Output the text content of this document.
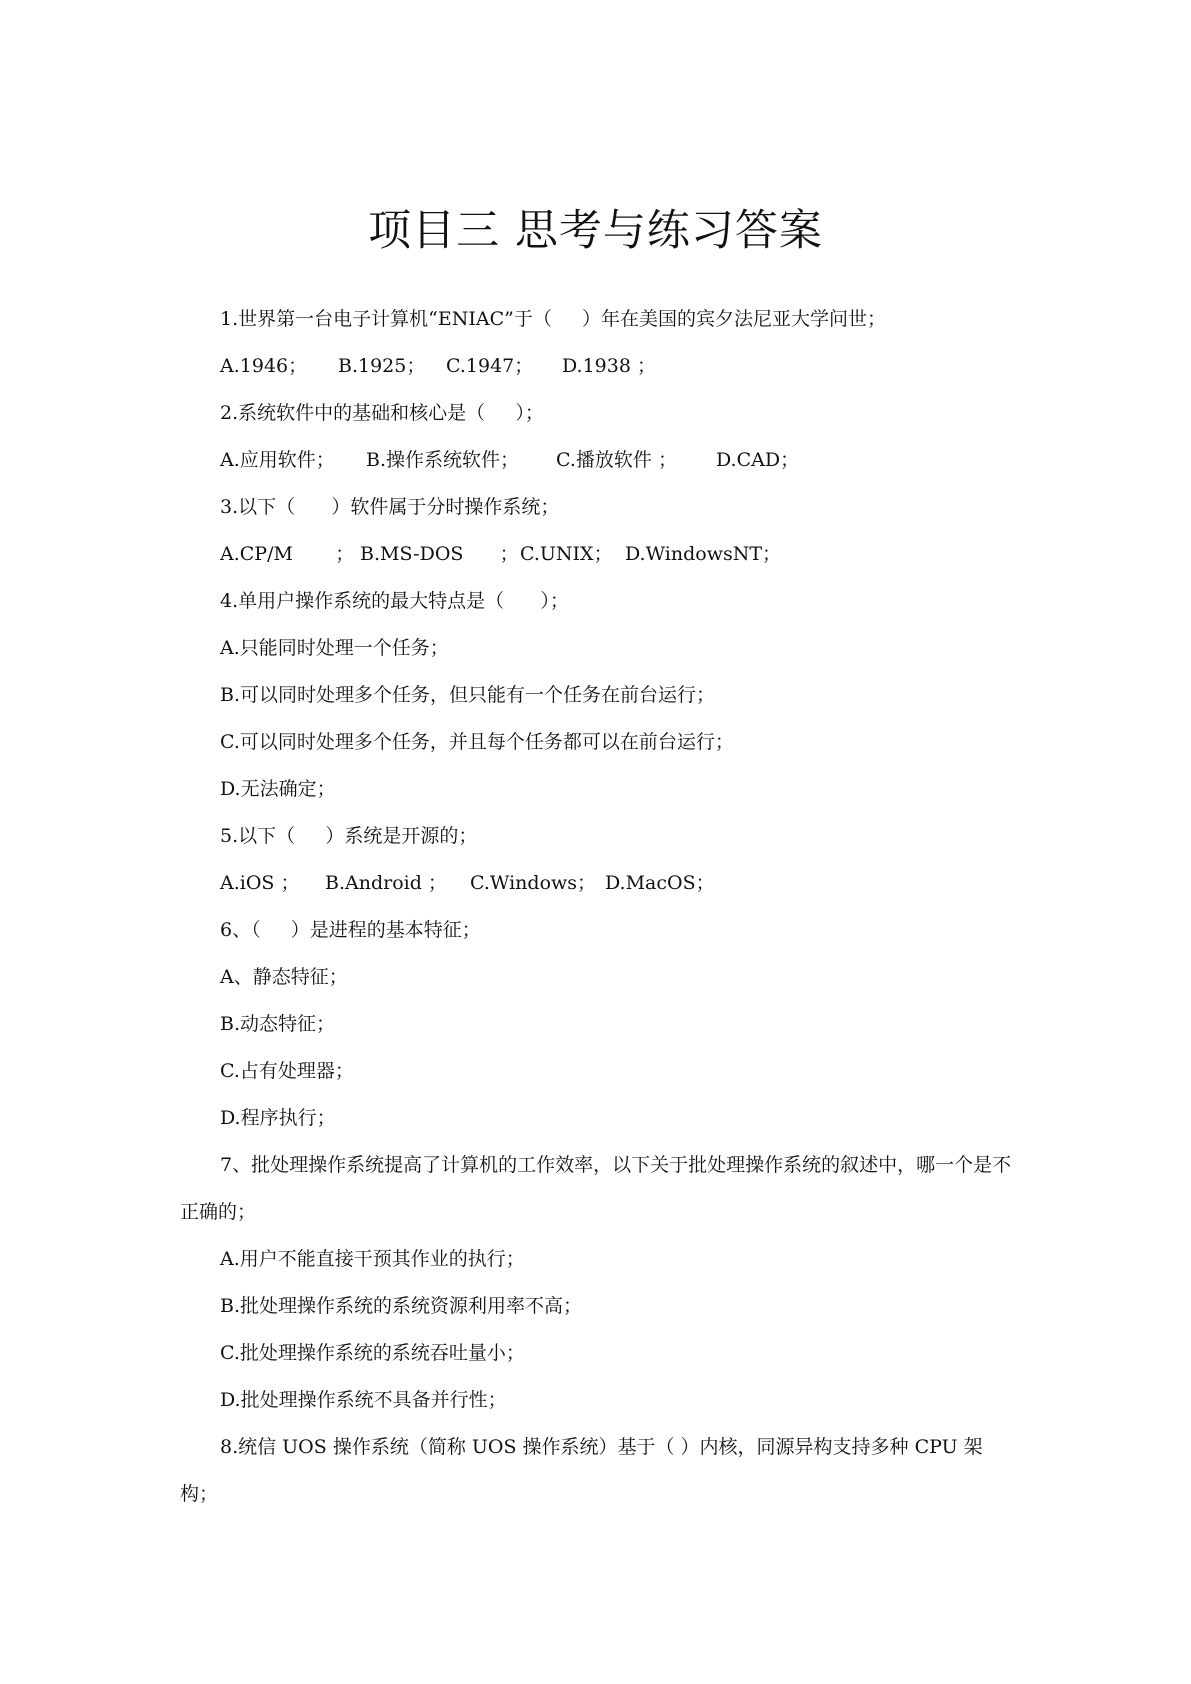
项目三 思考与练习答案
1.世界第一台电子计算机“ENIAC”于（     ）年在美国的宾夕法尼亚大学问世；
A.1946； B.1925； C.1947； D.1938 ；
2.系统软件中的基础和核心是（     ）；
A.应用软件； B.操作系统软件； C.播放软件 ； D.CAD；
3.以下（      ）软件属于分时操作系统；
A.CP/M       ； B.MS-DOS      ；C.UNIX； D.WindowsNT；
4.单用户操作系统的最大特点是（      ）；
A.只能同时处理一个任务；
B.可以同时处理多个任务，但只能有一个任务在前台运行；
C.可以同时处理多个任务，并且每个任务都可以在前台运行；
D.无法确定；
5.以下（     ）系统是开源的；
A.iOS ； B.Android ； C.Windows； D.MacOS；
6、（     ）是进程的基本特征；
A、静态特征；
B.动态特征；
C.占有处理器；
D.程序执行；
7、批处理操作系统提高了计算机的工作效率，以下关于批处理操作系统的叙述中，哪一个是不正确的；
A.用户不能直接干预其作业的执行；
B.批处理操作系统的系统资源利用率不高；
C.批处理操作系统的系统吞吐量小；
D.批处理操作系统不具备并行性；
8.统信 UOS 操作系统（简称 UOS 操作系统）基于（ ）内核，同源异构支持多种 CPU 架构；
